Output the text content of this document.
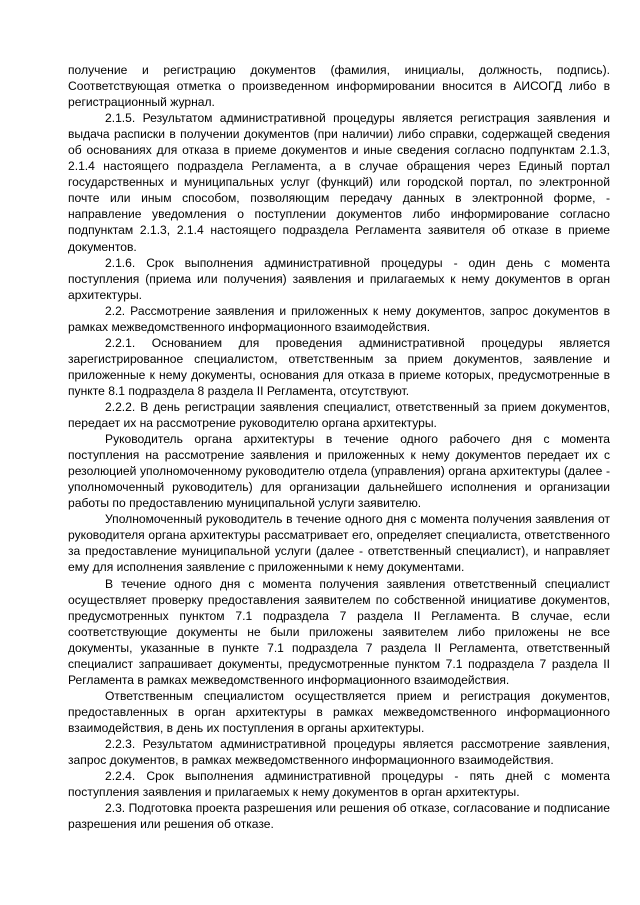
получение и регистрацию документов (фамилия, инициалы, должность, подпись). Соответствующая отметка о произведенном информировании вносится в АИСОГД либо в регистрационный журнал.

2.1.5. Результатом административной процедуры является регистрация заявления и выдача расписки в получении документов (при наличии) либо справки, содержащей сведения об основаниях для отказа в приеме документов и иные сведения согласно подпунктам 2.1.3, 2.1.4 настоящего подраздела Регламента, а в случае обращения через Единый портал государственных и муниципальных услуг (функций) или городской портал, по электронной почте или иным способом, позволяющим передачу данных в электронной форме, - направление уведомления о поступлении документов либо информирование согласно подпунктам 2.1.3, 2.1.4 настоящего подраздела Регламента заявителя об отказе в приеме документов.

2.1.6. Срок выполнения административной процедуры - один день с момента поступления (приема или получения) заявления и прилагаемых к нему документов в орган архитектуры.

2.2. Рассмотрение заявления и приложенных к нему документов, запрос документов в рамках межведомственного информационного взаимодействия.

2.2.1. Основанием для проведения административной процедуры является зарегистрированное специалистом, ответственным за прием документов, заявление и приложенные к нему документы, основания для отказа в приеме которых, предусмотренные в пункте 8.1 подраздела 8 раздела II Регламента, отсутствуют.

2.2.2. В день регистрации заявления специалист, ответственный за прием документов, передает их на рассмотрение руководителю органа архитектуры.

Руководитель органа архитектуры в течение одного рабочего дня с момента поступления на рассмотрение заявления и приложенных к нему документов передает их с резолюцией уполномоченному руководителю отдела (управления) органа архитектуры (далее - уполномоченный руководитель) для организации дальнейшего исполнения и организации работы по предоставлению муниципальной услуги заявителю.

Уполномоченный руководитель в течение одного дня с момента получения заявления от руководителя органа архитектуры рассматривает его, определяет специалиста, ответственного за предоставление муниципальной услуги (далее - ответственный специалист), и направляет ему для исполнения заявление с приложенными к нему документами.

В течение одного дня с момента получения заявления ответственный специалист осуществляет проверку предоставления заявителем по собственной инициативе документов, предусмотренных пунктом 7.1 подраздела 7 раздела II Регламента. В случае, если соответствующие документы не были приложены заявителем либо приложены не все документы, указанные в пункте 7.1 подраздела 7 раздела II Регламента, ответственный специалист запрашивает документы, предусмотренные пунктом 7.1 подраздела 7 раздела II Регламента в рамках межведомственного информационного взаимодействия.

Ответственным специалистом осуществляется прием и регистрация документов, предоставленных в орган архитектуры в рамках межведомственного информационного взаимодействия, в день их поступления в органы архитектуры.

2.2.3. Результатом административной процедуры является рассмотрение заявления, запрос документов, в рамках межведомственного информационного взаимодействия.

2.2.4. Срок выполнения административной процедуры - пять дней с момента поступления заявления и прилагаемых к нему документов в орган архитектуры.

2.3. Подготовка проекта разрешения или решения об отказе, согласование и подписание разрешения или решения об отказе.
